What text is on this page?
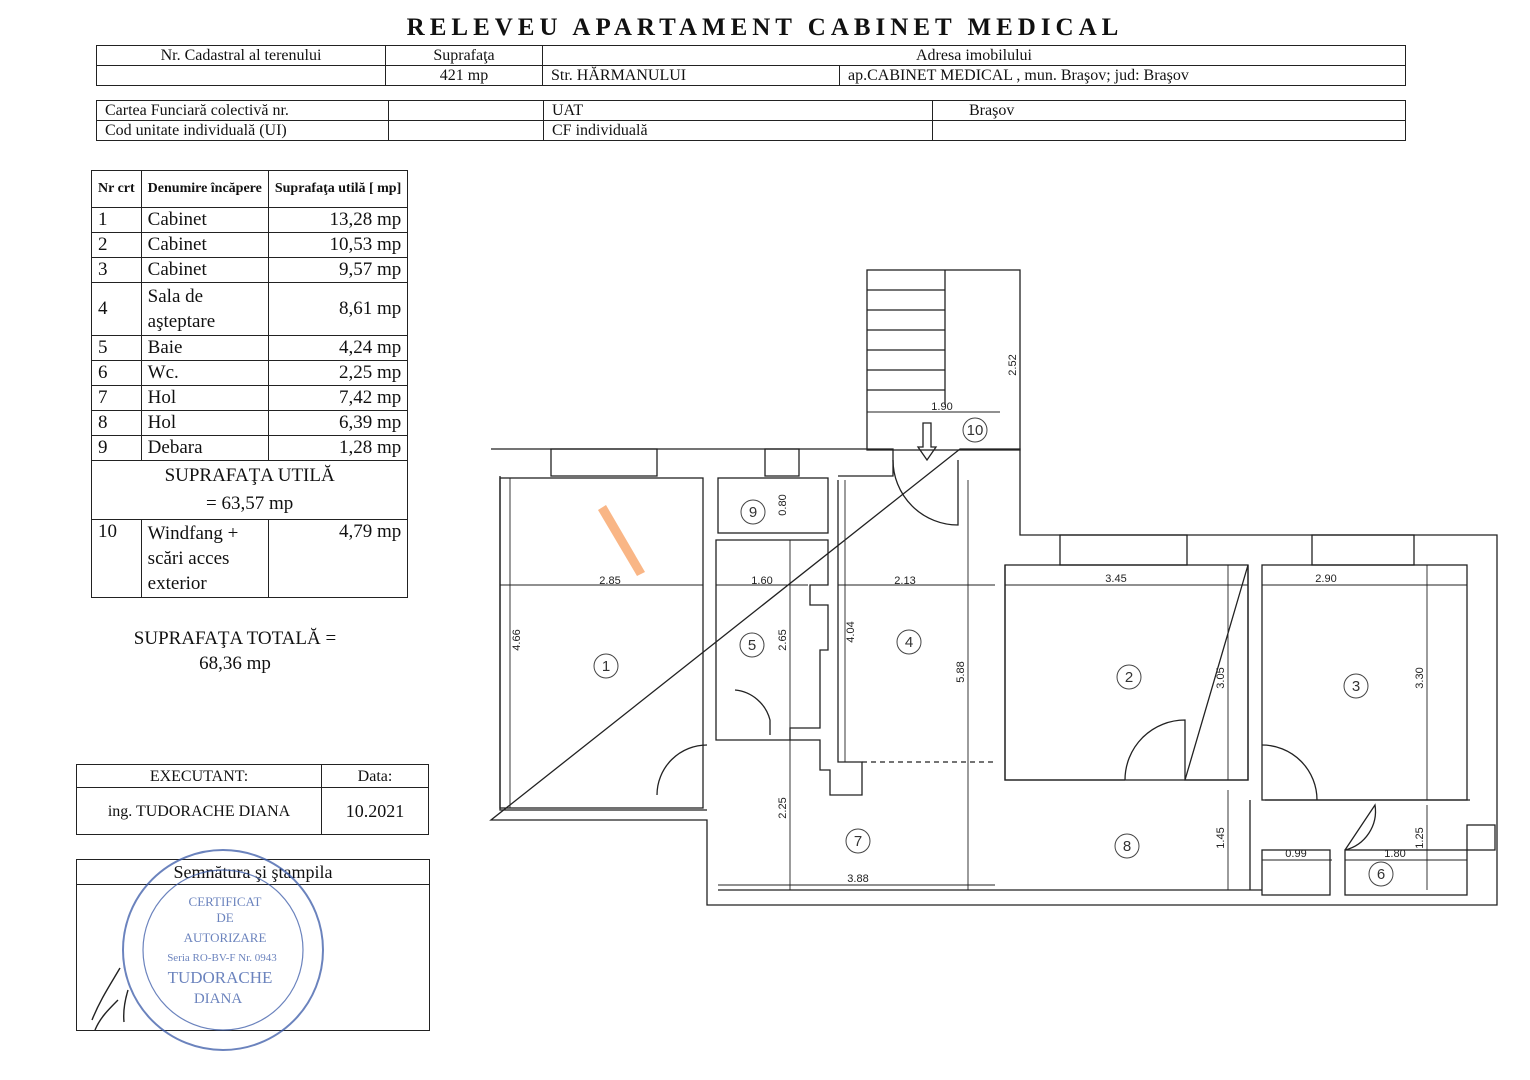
RELEVEU APARTAMENT CABINET MEDICAL
Nr. Cadastral al terenului	Suprafaţa	Adresa imobilului	
	421 mp	Str. HĂRMANULUI	ap.CABINET MEDICAL , mun. Braşov; jud: Braşov
Cartea Funciară colectivă nr.		UAT	Braşov
Cod unitate individuală (UI)		CF individuală	
Nr crt	Denumire încăpere	Suprafaţa utilă [ mp]
1	Cabinet	13,28 mp
2	Cabinet	10,53 mp
3	Cabinet	9,57 mp
4	Sala de aşteptare	8,61 mp
5	Baie	4,24 mp
6	Wc.	2,25 mp
7	Hol	7,42 mp
8	Hol	6,39 mp
9	Debara	1,28 mp

SUPRAFAŢA UTILĂ
= 63,57 mp		

10	Windfang + scări acces exterior	4,79 mp
SUPRAFAŢA TOTALĂ =
68,36 mp
EXECUTANT:	Data:
ing. TUDORACHE DIANA	10.2021
Semnătura şi ştampila
CERTIFICAT
DE
AUTORIZARE
Seria RO-BV-F Nr. 0943
TUDORACHE
DIANA
2.85
4.66
1.60
2.65
0.80
2.13
4.04
5.88
1.90
2.52
3.45
3.05
2.90
3.30
2.25
3.88
1.45
0.99	1.80
1.25
1
2
3
4
5
6
7	8
9
10
